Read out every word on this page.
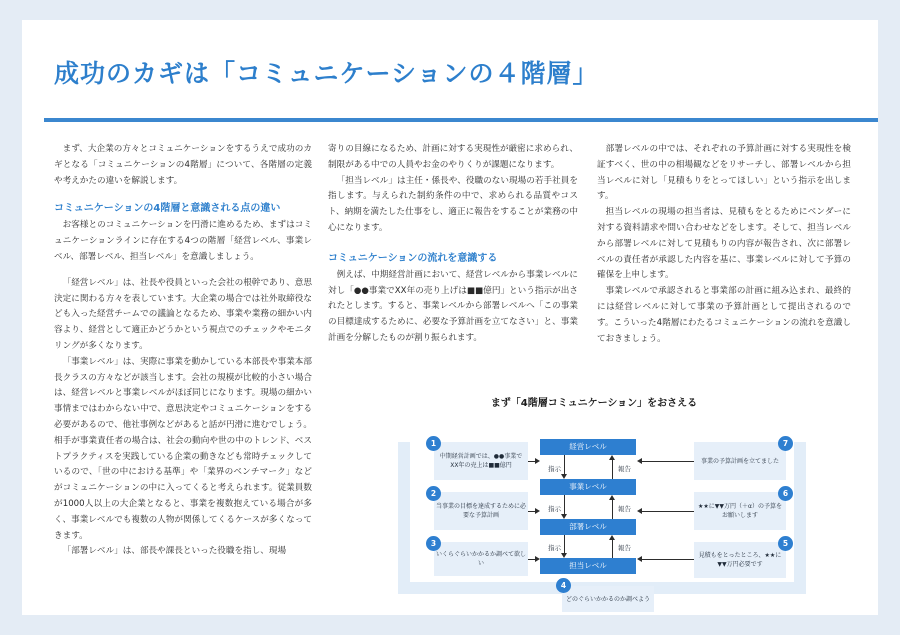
成功のカギは「コミュニケーションの４階層」

まず、大企業の方々とコミュニケーションをするうえで成功のカギとなる「コミュニケーションの4階層」について、各階層の定義や考えかたの違いを解説します。

コミュニケーションの4階層と意識される点の違い

お客様とのコミュニケーションを円滑に進めるため、まずはコミュニケーションラインに存在する4つの階層「経営レベル、事業レベル、部署レベル、担当レベル」を意識しましょう。

「経営レベル」は、社長や役員といった会社の根幹であり、意思決定に関わる方々を表しています。大企業の場合では社外取締役なども入った経営チームでの議論となるため、事業や業務の細かい内容より、経営として適正かどうかという視点でのチェックやモニタリングが多くなります。

「事業レベル」は、実際に事業を動かしている本部長や事業本部長クラスの方々などが該当します。会社の規模が比較的小さい場合は、経営レベルと事業レベルがほぼ同じになります。現場の細かい事情まではわからない中で、意思決定やコミュニケーションをする必要があるので、他社事例などがあると話が円滑に進むでしょう。相手が事業責任者の場合は、社会の動向や世の中のトレンド、ベストプラクティスを実践している企業の動きなども常時チェックしているので、「世の中における基準」や「業界のベンチマーク」などがコミュニケーションの中に入ってくると考えられます。従業員数が1000人以上の大企業となると、事業を複数抱えている場合が多く、事業レベルでも複数の人物が関係してくるケースが多くなってきます。

「部署レベル」は、部長や課長といった役職を指し、現場

寄りの目線になるため、計画に対する実現性が厳密に求められ、制限がある中での人員やお金のやりくりが課題になります。

「担当レベル」は主任・係長や、役職のない現場の若手社員を指します。与えられた制約条件の中で、求められる品質やコスト、納期を満たした仕事をし、適正に報告をすることが業務の中心になります。

コミュニケーションの流れを意識する

例えば、中期経営計画において、経営レベルから事業レベルに対し「●●事業でXX年の売り上げは■■億円」という指示が出されたとします。すると、事業レベルから部署レベルへ「この事業の目標達成するために、必要な予算計画を立てなさい」と、事業計画を分解したものが割り振られます。

部署レベルの中では、それぞれの予算計画に対する実現性を検証すべく、世の中の相場観などをリサーチし、部署レベルから担当レベルに対し「見積もりをとってほしい」という指示を出します。

担当レベルの現場の担当者は、見積もをとるためにベンダーに対する資料請求や問い合わせなどをします。そして、担当レベルから部署レベルに対して見積もりの内容が報告され、次に部署レベルの責任者が承認した内容を基に、事業レベルに対して予算の確保を上申します。

事業レベルで承認されると事業部の計画に組み込まれ、最終的には経営レベルに対して事業の予算計画として提出されるのです。こういった4階層にわたるコミュニケーションの流れを意識しておきましょう。

まず「4階層コミュニケーション」をおさえる
経営レベル
事業レベル
部署レベル
担当レベル
指示
指示
指示
報告
報告
報告
中期経営計画では、●●事業でXX年の売上は■■億円
当事業の目標を達成するために必要な予算計画
いくらぐらいかかるか調べて欲しい
どのぐらいかかるのか調べよう
見積もをとったところ、★★に▼▼万円必要です
★★に▼▼万円（＋α）の予算をお願いします
事業の予算計画を立てました
1
2
3
4
5
6
7
